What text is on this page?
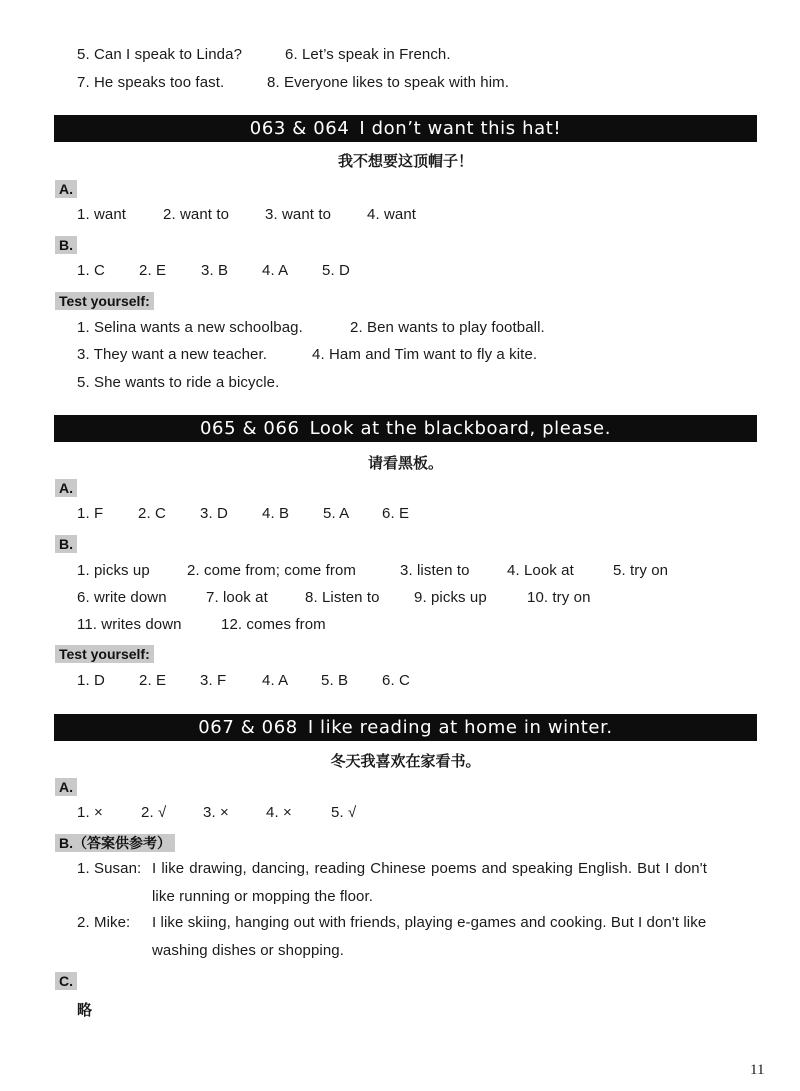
5. Can I speak to Linda?	6. Let’s speak in French.
7. He speaks too fast.	8. Everyone likes to speak with him.
063 & 064 I don’t want this hat!
我不想要这顶帽子！
A.
1. want 2. want to 3. want to 4. want
B.
1. C 2. E 3. B 4. A 5. D
Test yourself:
1. Selina wants a new schoolbag.	2. Ben wants to play football.
3. They want a new teacher.	4. Ham and Tim want to fly a kite.
5. She wants to ride a bicycle.
065 & 066 Look at the blackboard, please.
请看黑板。
A.
1. F 2. C 3. D 4. B 5. A 6. E
B.
1. picks up 2. come from; come from	3. listen to 4. Look at	5. try on
6. write down	7. look at 8. Listen to 9. picks up	10. try on
11. writes down	12. comes from
Test yourself:
1. D 2. E 3. F 4. A 5. B 6. C
067 & 068 I like reading at home in winter.
冬天我喜欢在家看书。
A.
1. ×	2. √ 3. × 4. ×	5. √
B.（答案供参考）
1. Susan: I like drawing, dancing, reading Chinese poems and speaking English. But I don't
like running or mopping the floor.
2. Mike: I like skiing, hanging out with friends, playing e-games and cooking. But I don't like
washing dishes or shopping.
C.
略
11
